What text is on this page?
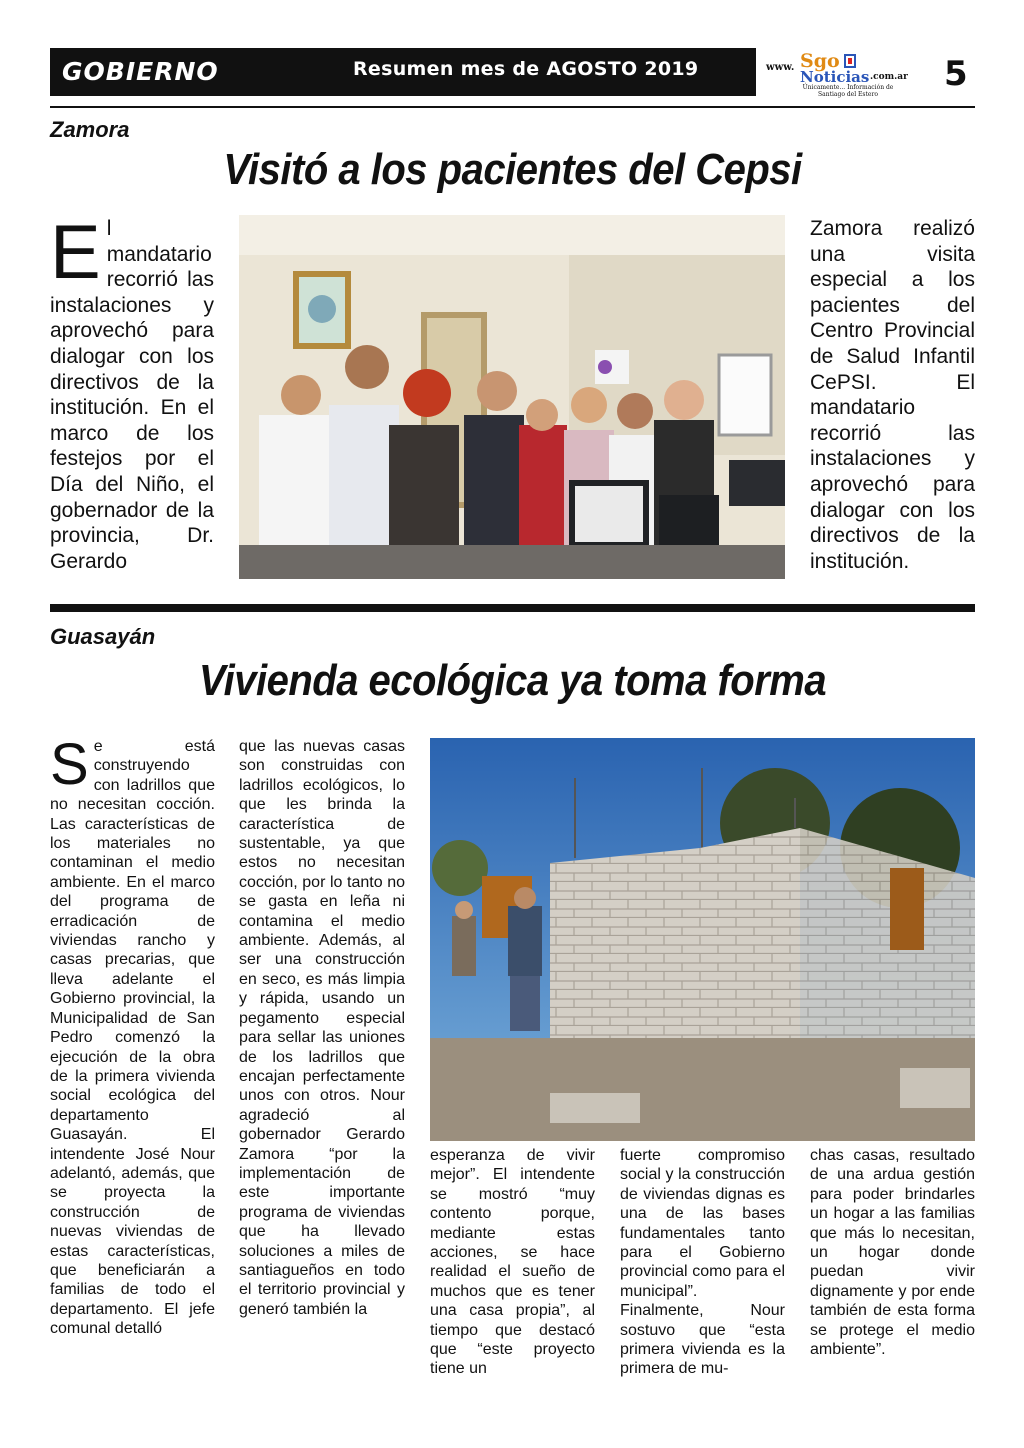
GOBIERNO	Resumen mes de AGOSTO 2019	www. Sgo
Noticias .com.ar
Únicamente... Información de Santiago del Estero
5
Zamora
Visitó a los pacientes del Cepsi
El mandatario recorrió las instalaciones y aprovechó para dialogar con los directivos de la institución. En el marco de los festejos por el Día del Niño, el gobernador de la provincia, Dr. Gerardo
Zamora realizó una visita especial a los pacientes del Centro Provincial de Salud Infantil CePSI. El mandatario recorrió las instalaciones y aprovechó para dialogar con los directivos de la institución.
Guasayán
Vivienda ecológica ya toma forma
Se está construyendo con ladrillos que no necesitan cocción. Las características de los materiales no contaminan el medio ambiente. En el marco del programa de erradicación de viviendas rancho y casas precarias, que lleva adelante el Gobierno provincial, la Municipalidad de San Pedro comenzó la ejecución de la obra de la primera vivienda social ecológica del departamento Guasayán. El intendente José Nour adelantó, además, que se proyecta la construcción de nuevas viviendas de estas características, que beneficiarán a familias de todo el departamento. El jefe comunal detalló
que las nuevas casas son construidas con ladrillos ecológicos, lo que les brinda la característica de sustentable, ya que estos no necesitan cocción, por lo tanto no se gasta en leña ni contamina el medio ambiente. Además, al ser una construcción en seco, es más limpia y rápida, usando un pegamento especial para sellar las uniones de los ladrillos que encajan perfectamente unos con otros. Nour agradeció al gobernador Gerardo Zamora “por la implementación de este importante programa de viviendas que ha llevado soluciones a miles de santiagueños en todo el territorio provincial y generó también la
esperanza de vivir mejor”. El intendente se mostró “muy contento porque, mediante estas acciones, se hace realidad el sueño de muchos que es tener una casa propia”, al tiempo que destacó que “este proyecto tiene un
fuerte compromiso social y la construcción de viviendas dignas es una de las bases fundamentales tanto para el Gobierno provincial como para el municipal”. Finalmente, Nour sostuvo que “esta primera vivienda es la primera de mu-
chas casas, resultado de una ardua gestión para poder brindarles un hogar a las familias que más lo necesitan, un hogar donde puedan vivir dignamente y por ende también de esta forma se protege el medio ambiente”.
